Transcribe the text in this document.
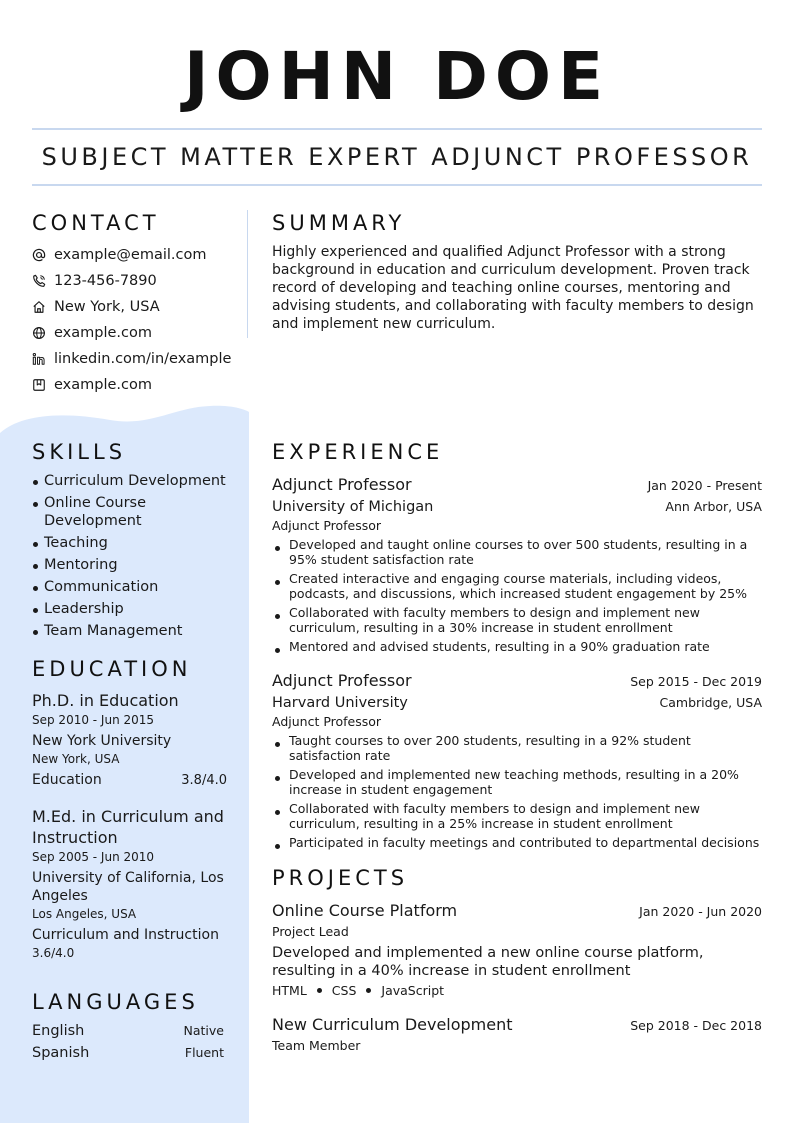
JOHN DOE
SUBJECT MATTER EXPERT ADJUNCT PROFESSOR
CONTACT
example@email.com
123-456-7890
New York, USA
example.com
linkedin.com/in/example
example.com
SUMMARY

Highly experienced and qualified Adjunct Professor with a strong background in education and curriculum development. Proven track record of developing and teaching online courses, mentoring and advising students, and collaborating with faculty members to design and implement new curriculum.

SKILLS
Curriculum Development
Online Course Development
Teaching
Mentoring
Communication
Leadership
Team Management
EDUCATION
Ph.D. in Education
Sep 2010 - Jun 2015
New York University
New York, USA
Education	3.8/4.0
M.Ed. in Curriculum and Instruction
Sep 2005 - Jun 2010
University of California, Los Angeles
Los Angeles, USA
Curriculum and Instruction
3.6/4.0
LANGUAGES
English	Native
Spanish	Fluent
EXPERIENCE
Adjunct Professor	Jan 2020 - Present
University of Michigan	Ann Arbor, USA
Adjunct Professor
Developed and taught online courses to over 500 students, resulting in a 95% student satisfaction rate
Created interactive and engaging course materials, including videos, podcasts, and discussions, which increased student engagement by 25%
Collaborated with faculty members to design and implement new curriculum, resulting in a 30% increase in student enrollment
Mentored and advised students, resulting in a 90% graduation rate
Adjunct Professor	Sep 2015 - Dec 2019
Harvard University	Cambridge, USA
Adjunct Professor
Taught courses to over 200 students, resulting in a 92% student satisfaction rate
Developed and implemented new teaching methods, resulting in a 20% increase in student engagement
Collaborated with faculty members to design and implement new curriculum, resulting in a 25% increase in student enrollment
Participated in faculty meetings and contributed to departmental decisions
PROJECTS
Online Course Platform	Jan 2020 - Jun 2020
Project Lead
Developed and implemented a new online course platform, resulting in a 40% increase in student enrollment
HTML CSS JavaScript
New Curriculum Development	Sep 2018 - Dec 2018
Team Member
